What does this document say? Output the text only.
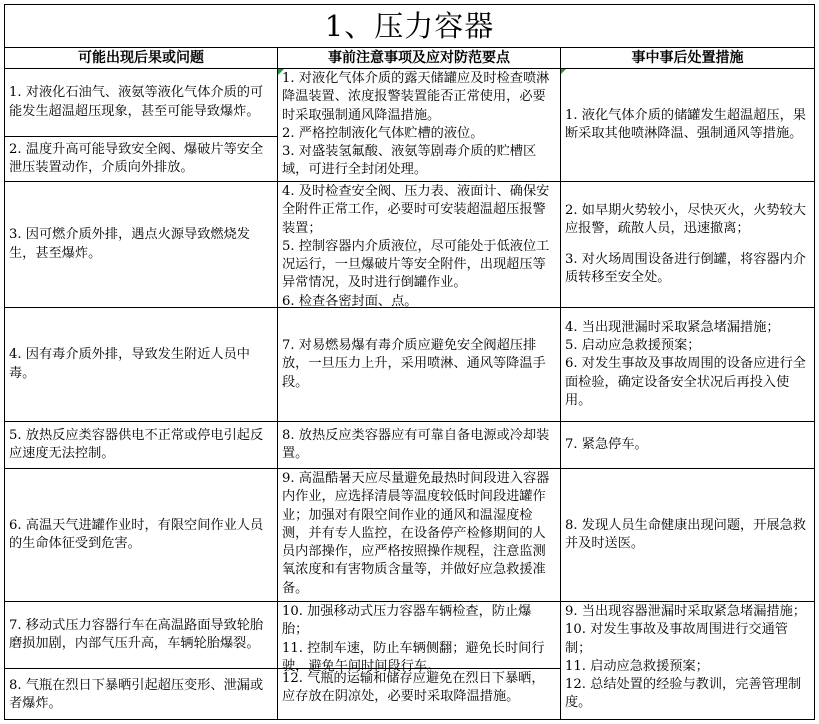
1、压力容器
可能出现后果或问题	事前注意事项及应对防范要点	事中事后处置措施
1. 对液化石油气、液氨等液化气体介质的可能发生超温超压现象，甚至可能导致爆炸。
2. 温度升高可能导致安全阀、爆破片等安全泄压装置动作，介质向外排放。
3. 因可燃介质外排，遇点火源导致燃烧发生，甚至爆炸。
4. 因有毒介质外排，导致发生附近人员中毒。
5. 放热反应类容器供电不正常或停电引起反应速度无法控制。
6. 高温天气进罐作业时，有限空间作业人员的生命体征受到危害。
7. 移动式压力容器行车在高温路面导致轮胎磨损加剧，内部气压升高，车辆轮胎爆裂。
8. 气瓶在烈日下暴晒引起超压变形、泄漏或者爆炸。
1. 对液化气体介质的露天储罐应及时检查喷淋降温装置、浓度报警装置能否正常使用，必要时采取强制通风降温措施。
2. 严格控制液化气体贮槽的液位。
3. 对盛装氢氟酸、液氨等剧毒介质的贮槽区域，可进行全封闭处理。
4. 及时检查安全阀、压力表、液面计、确保安全附件正常工作，必要时可安装超温超压报警装置；
5. 控制容器内介质液位，尽可能处于低液位工况运行，一旦爆破片等安全附件，出现超压等异常情况，及时进行倒罐作业。
6. 检查各密封面、点。
7. 对易燃易爆有毒介质应避免安全阀超压排放，一旦压力上升，采用喷淋、通风等降温手段。
8. 放热反应类容器应有可靠自备电源或冷却装置。
9. 高温酷暑天应尽量避免最热时间段进入容器内作业，应选择清晨等温度较低时间段进罐作业；加强对有限空间作业的通风和温湿度检测，并有专人监控，在设备停产检修期间的人员内部操作，应严格按照操作规程，注意监测氧浓度和有害物质含量等，并做好应急救援准备。
10. 加强移动式压力容器车辆检查，防止爆胎；
11. 控制车速，防止车辆侧翻；避免长时间行驶，避免午间时间段行车。
12. 气瓶的运输和储存应避免在烈日下暴晒，应存放在阴凉处，必要时采取降温措施。
1. 液化气体介质的储罐发生超温超压，果断采取其他喷淋降温、强制通风等措施。
2. 如早期火势较小，尽快灭火，火势较大应报警，疏散人员，迅速撤离；
3. 对火场周围设备进行倒罐，将容器内介质转移至安全处。
4. 当出现泄漏时采取紧急堵漏措施；
5. 启动应急救援预案；
6. 对发生事故及事故周围的设备应进行全面检验，确定设备安全状况后再投入使用。
7. 紧急停车。
8. 发现人员生命健康出现问题，开展急救并及时送医。
9. 当出现容器泄漏时采取紧急堵漏措施；
10. 对发生事故及事故周围进行交通管制；
11. 启动应急救援预案；
12. 总结处置的经验与教训，完善管理制度。
